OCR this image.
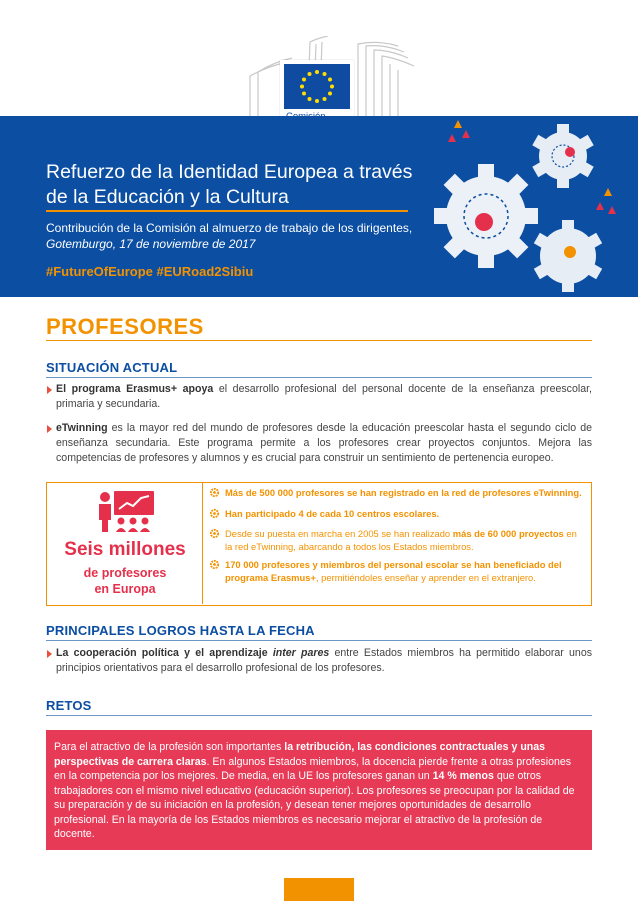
Refuerzo de la Identidad Europea a través de la Educación y la Cultura
Contribución de la Comisión al almuerzo de trabajo de los dirigentes,
Gotemburgo, 17 de noviembre de 2017
#FutureOfEurope #EURoad2Sibiu
PROFESORES
SITUACIÓN ACTUAL
El programa Erasmus+ apoya el desarrollo profesional del personal docente de la enseñanza preescolar, primaria y secundaria.
eTwinning es la mayor red del mundo de profesores desde la educación preescolar hasta el segundo ciclo de enseñanza secundaria. Este programa permite a los profesores crear proyectos conjuntos. Mejora las competencias de profesores y alumnos y es crucial para construir un sentimiento de pertenencia europeo.
Seis millones
de profesores
en Europa
Más de 500 000 profesores se han registrado en la red de profesores eTwinning.
Han participado 4 de cada 10 centros escolares.
Desde su puesta en marcha en 2005 se han realizado más de 60 000 proyectos en la red eTwinning, abarcando a todos los Estados miembros.
170 000 profesores y miembros del personal escolar se han beneficiado del programa Erasmus+, permitiéndoles enseñar y aprender en el extranjero.
PRINCIPALES LOGROS HASTA LA FECHA
La cooperación política y el aprendizaje inter pares entre Estados miembros ha permitido elaborar unos principios orientativos para el desarrollo profesional de los profesores.
RETOS
Para el atractivo de la profesión son importantes la retribución, las condiciones contractuales y unas perspectivas de carrera claras. En algunos Estados miembros, la docencia pierde frente a otras profesiones en la competencia por los mejores. De media, en la UE los profesores ganan un 14 % menos que otros trabajadores con el mismo nivel educativo (educación superior). Los profesores se preocupan por la calidad de su preparación y de su iniciación en la profesión, y desean tener mejores oportunidades de desarrollo profesional. En la mayoría de los Estados miembros es necesario mejorar el atractivo de la profesión de docente.
